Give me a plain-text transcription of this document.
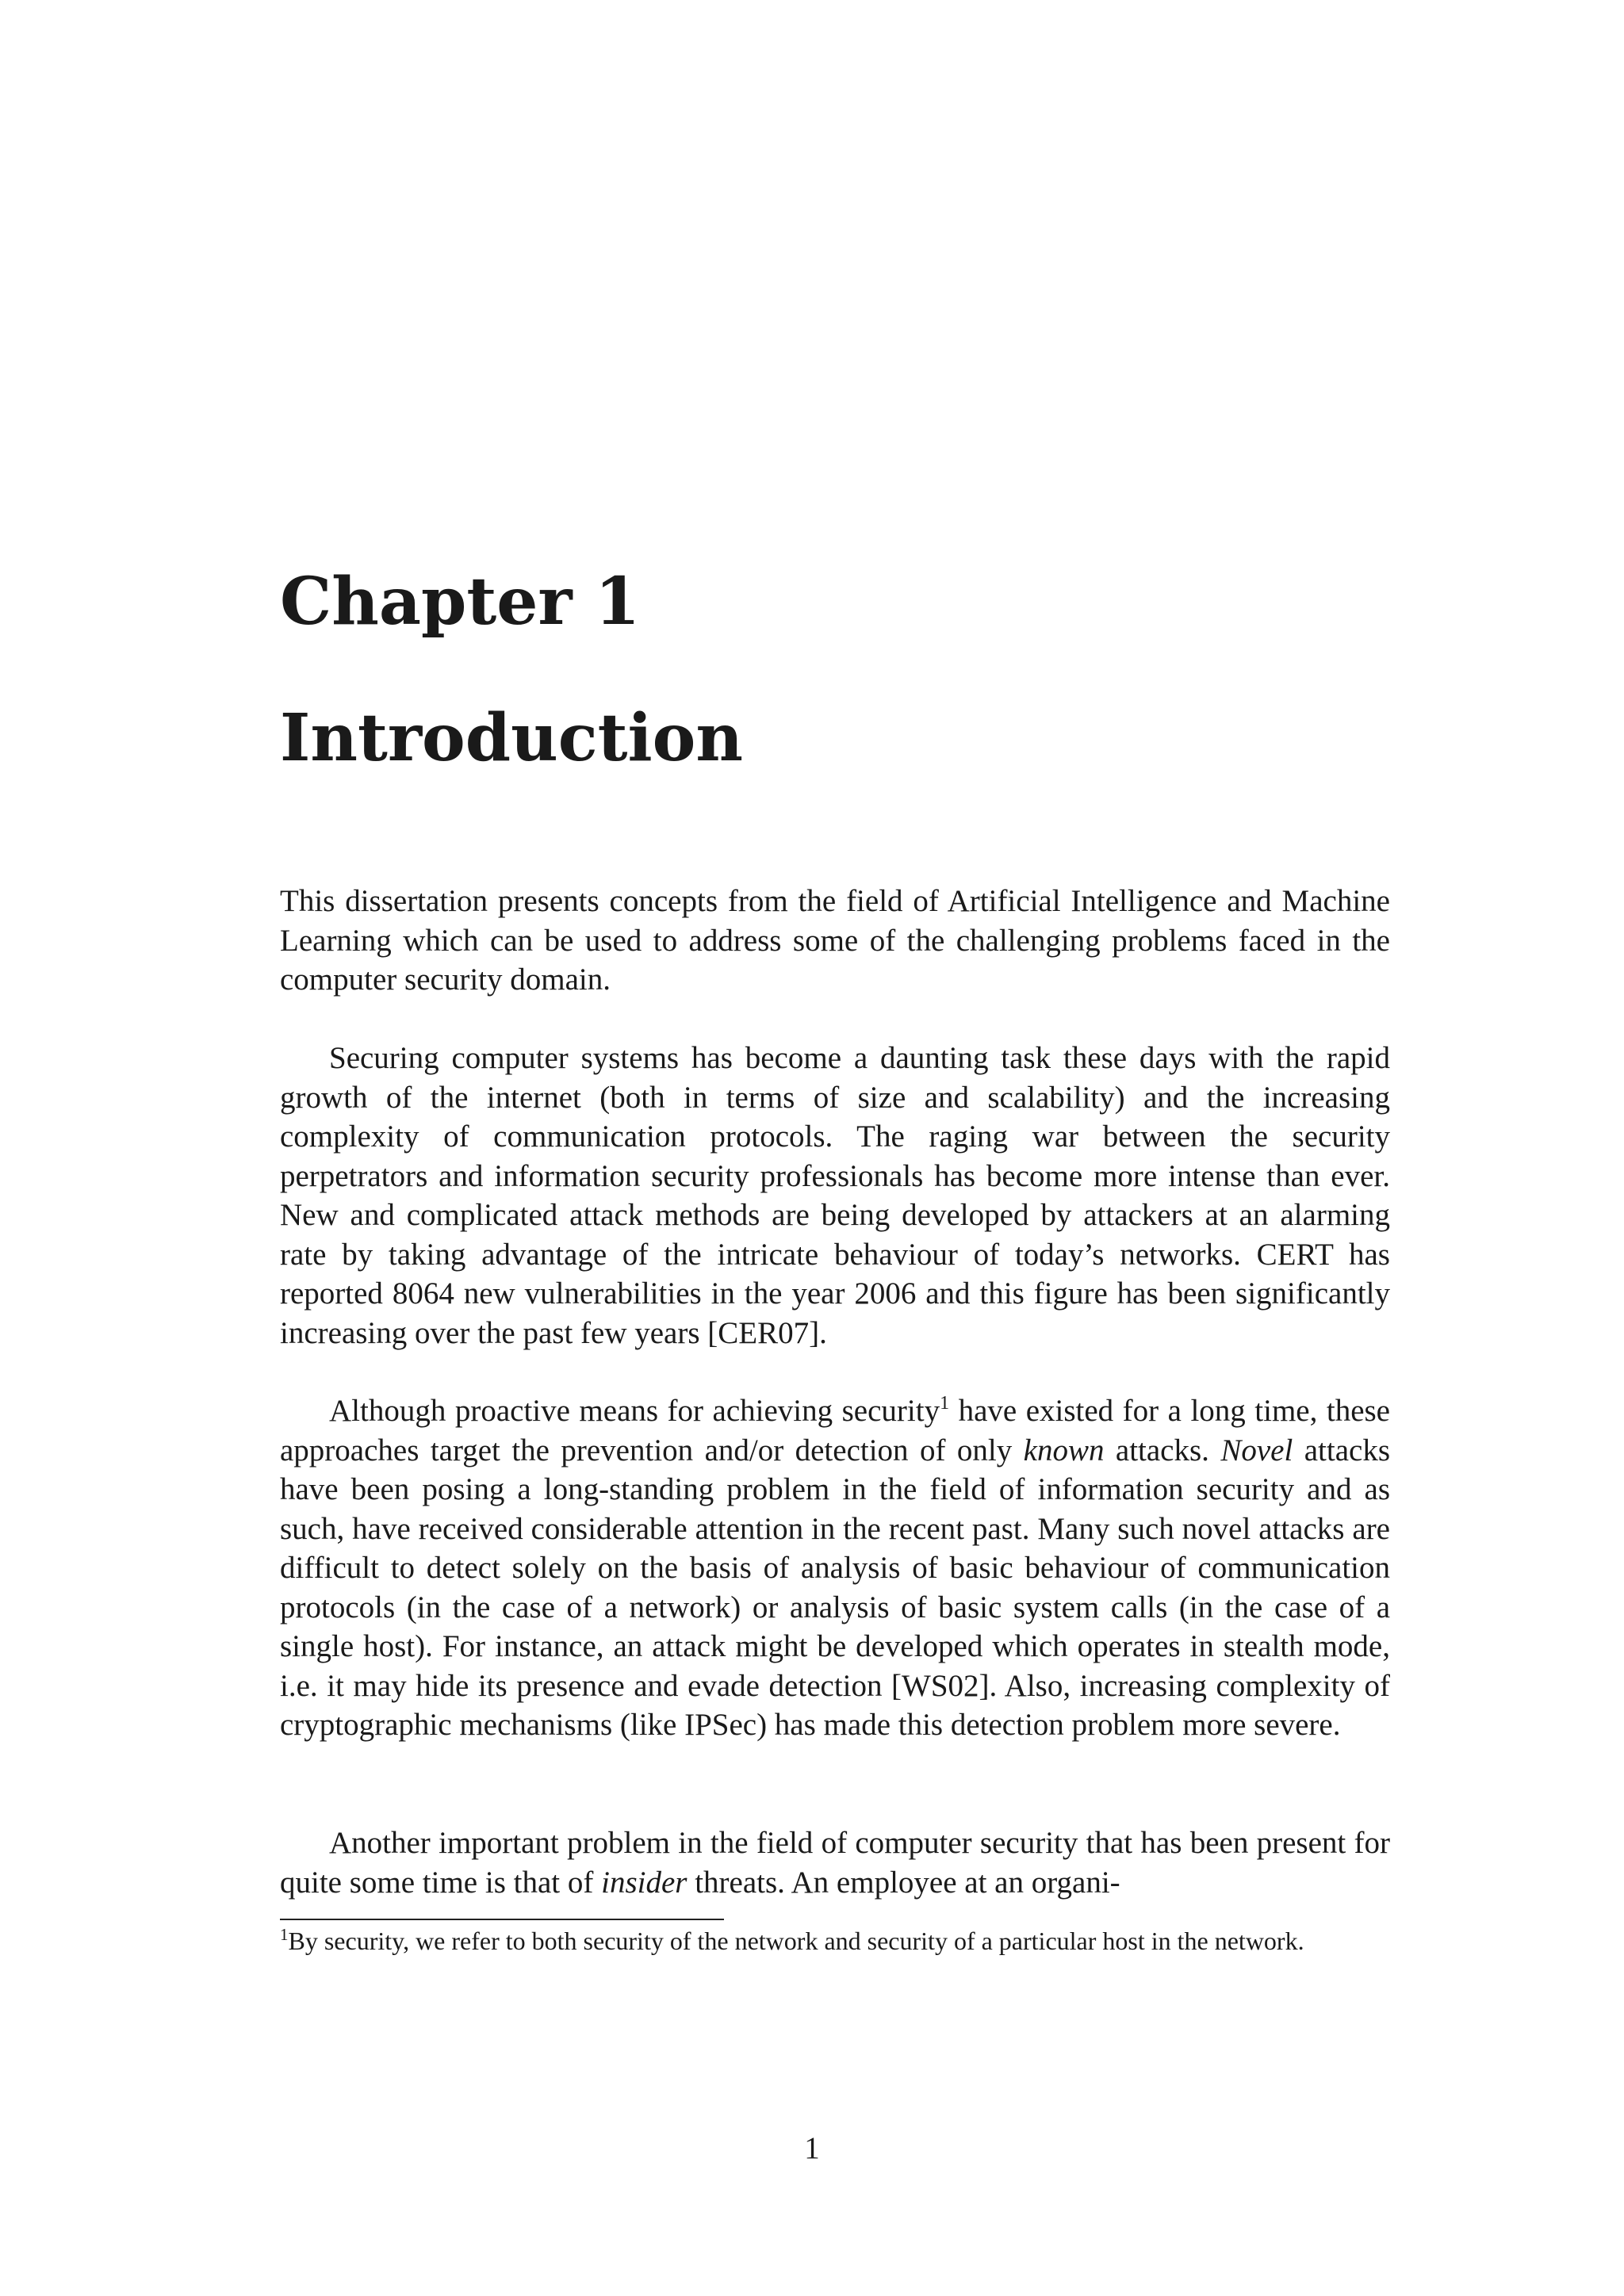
Chapter 1
Introduction

This dissertation presents concepts from the field of Artificial Intelligence and Machine Learning which can be used to address some of the challenging problems faced in the computer security domain.

Securing computer systems has become a daunting task these days with the rapid growth of the internet (both in terms of size and scalability) and the increasing complexity of communication protocols. The raging war between the security perpetrators and information security professionals has become more intense than ever. New and complicated attack methods are being developed by attackers at an alarming rate by taking advantage of the intricate behaviour of today’s networks. CERT has reported 8064 new vulnerabilities in the year 2006 and this figure has been significantly increasing over the past few years [CER07].

Although proactive means for achieving security$^1$ have existed for a long time, these approaches target the prevention and/or detection of only known attacks. Novel attacks have been posing a long-standing problem in the field of information security and as such, have received considerable attention in the recent past. Many such novel attacks are difficult to detect solely on the basis of analysis of basic behaviour of communication protocols (in the case of a network) or analysis of basic system calls (in the case of a single host). For instance, an attack might be developed which operates in stealth mode, i.e. it may hide its presence and evade detection [WS02]. Also, increasing complexity of cryptographic mechanisms (like IPSec) has made this detection problem more severe.

Another important problem in the field of computer security that has been present for quite some time is that of insider threats. An employee at an organi-

$^1$By security, we refer to both security of the network and security of a particular host in the network.

1
